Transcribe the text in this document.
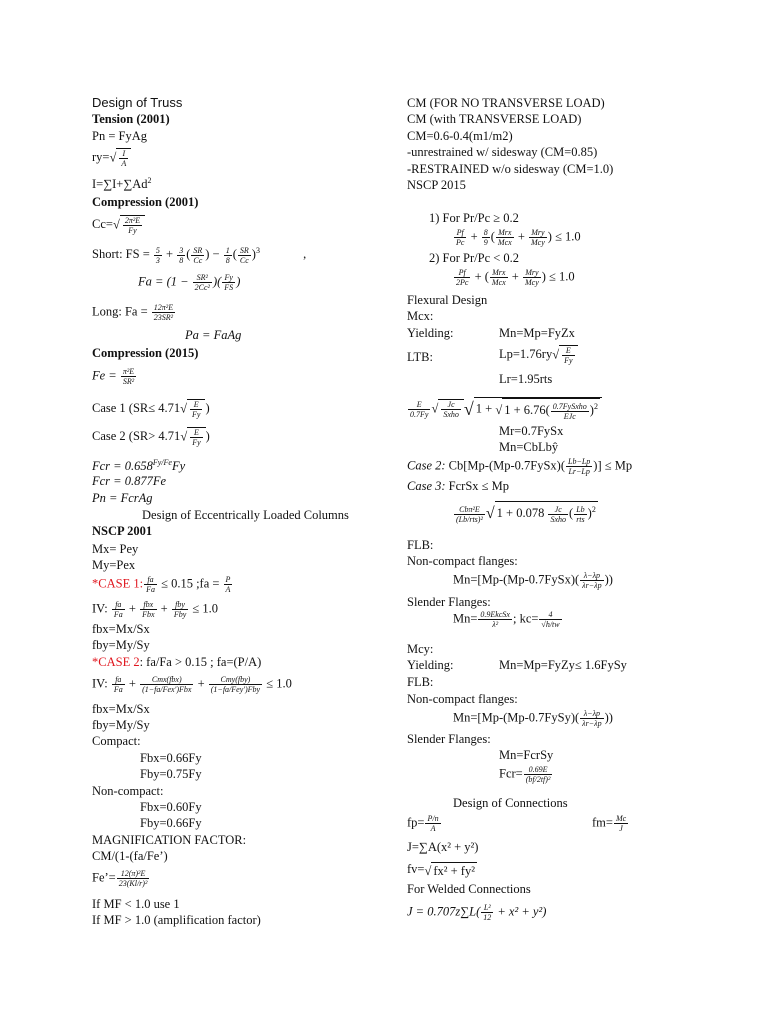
Design of Truss
Tension (2001)
Pn = FyAg
$ry=√ \frac{I}{A}$
$I=\sum I+\sum Ad^2$
Compression (2001)
$Cc=√ \frac{\text{2π²E}}{Fy}$
Short: FS = $\frac{5}{3} + \frac{3}{8}$ ( $\frac{SR}{Cc}$ ) − $\frac{1}{8}$ ( $\frac{SR}{Cc} )^3$	,
$Fa = (1 - \frac{\text{SR²}}{\text{2Cc²}}$ )( $\frac{Fy}{FS}$ )
Long: $Fa = \frac{\text{12π²E}}{\text{23SR²}}$
Pa = FaAg
Compression (2015)
$Fe = \frac{\text{π²E}}{\text{SR²}}$
Case 1 ($SR\le 4.71√ \frac{E}{Fy}$ )
Case 2 ($SR> 4.71√ \frac{E}{Fy}$ )
Fcr = $0.658^{Fy/Fe}Fy$
Fcr = 0.877Fe
Pn = FcrAg
Design of Eccentrically Loaded Columns
NSCP 2001
Mx= Pey
My=Pex
*CASE 1: $\frac{fa}{Fa} \le 0.15$ ;fa = $\frac{P}{A}$
IV: $\frac{fa}{Fa} + \frac{\text{fbx}}{\text{Fbx}} + \frac{\text{fby}}{\text{Fby}} \le 1.0$
fbx=Mx/Sx
fby=My/Sy
*CASE 2: fa/Fa > 0.15 ; fa=(P/A)
IV: $\frac{fa}{Fa} + \frac{\text{Cmx(fbx)}}{\text{(1−fa/Fex′)Fbx}} + \frac{\text{Cmy(fby)}}{\text{(1−fa/Fey′)Fby}} \le 1.0$
fbx=Mx/Sx
fby=My/Sy
Compact:
Fbx=0.66Fy
Fby=0.75Fy
Non-compact:
Fbx=0.60Fy
Fby=0.66Fy
MAGNIFICATION FACTOR:
CM/(1-(fa/Fe’)
Fe’= $\frac{\text{12(π)²E}}{\text{23(Kl/r)²}}$
If MF < 1.0 use 1
If MF > 1.0 (amplification factor)
CM (FOR NO TRANSVERSE LOAD)
CM (with TRANSVERSE LOAD)
CM=0.6-0.4(m1/m2)
-unrestrained w/ sidesway (CM=0.85)
-RESTRAINED w/o sidesway (CM=1.0)
NSCP 2015
1) For Pr/Pc ≥ 0.2
$\frac{Pf}{Pc} + \frac{8}{9}$ ( $\frac{\text{Mrx}}{\text{Mcx}} + \frac{\text{Mry}}{\text{Mcy}}$ ) ≤ 1.0
2) For Pr/Pc < 0.2
$\frac{Pf}{2Pc}$ + ( $\frac{\text{Mrx}}{\text{Mcx}} + \frac{\text{Mry}}{\text{Mcy}}$ ) ≤ 1.0
Flexural Design
Mcx:
Yielding:	Mn=Mp=FyZx
LTB:	$Lp=1.76ry√ \frac{E}{Fy}$
Lr=1.95rts
$\frac{E}{0.7Fy}$ √ $\frac{Jc}{\text{Sxho}}$ √ 1 + √ $1 + 6.76( \frac{\text{0.7FySxho}}{\text{EJc}} )^2$
Mr=0.7FySx
Mn=CbLbŷ
Case 2: Cb[Mp-(Mp-0.7FySx)( $\frac{Lb-Lp}{Lr-Lp}$ )] ≤ Mp
Case 3: FcrSx ≤ Mp
$\frac{\text{Cbπ²E}}{\text{(Lb/rts)²}}$ √ $1 + 0.078 \frac{Jc}{\text{Sxho}}$ ( $\frac{Lb}{\text{rts}} )^2$
FLB:
Non-compact flanges:
Mn=[Mp-(Mp-0.7FySx)( $\frac{\lambda-\lambda p}{\lambda r-\lambda p}$ ))
Slender Flanges:
$Mn= \frac{\text{0.9EkcSx}}{\text{λ²}}$ ; $kc= \frac{4}{√h/tw}$
Mcy:
Yielding:	Mn=Mp=FyZy≤ 1.6FySy
FLB:
Non-compact flanges:
Mn=[Mp-(Mp-0.7FySy)( $\frac{\lambda-\lambda p}{\lambda r-\lambda p}$ ))
Slender Flanges:
Mn=FcrSy
$Fcr= \frac{0.69E}{\text{(bf/2tf)²}}$
Design of Connections
$fp= \frac{P/n}{A}$	$fm= \frac{Mc}{J}$
J=∑A(x² + y²)
fv=√ fx² + fy²
For Welded Connections
$J = 0.707z\sum L( \frac{\text{L²}}{12} + x^2 + y^2)$
